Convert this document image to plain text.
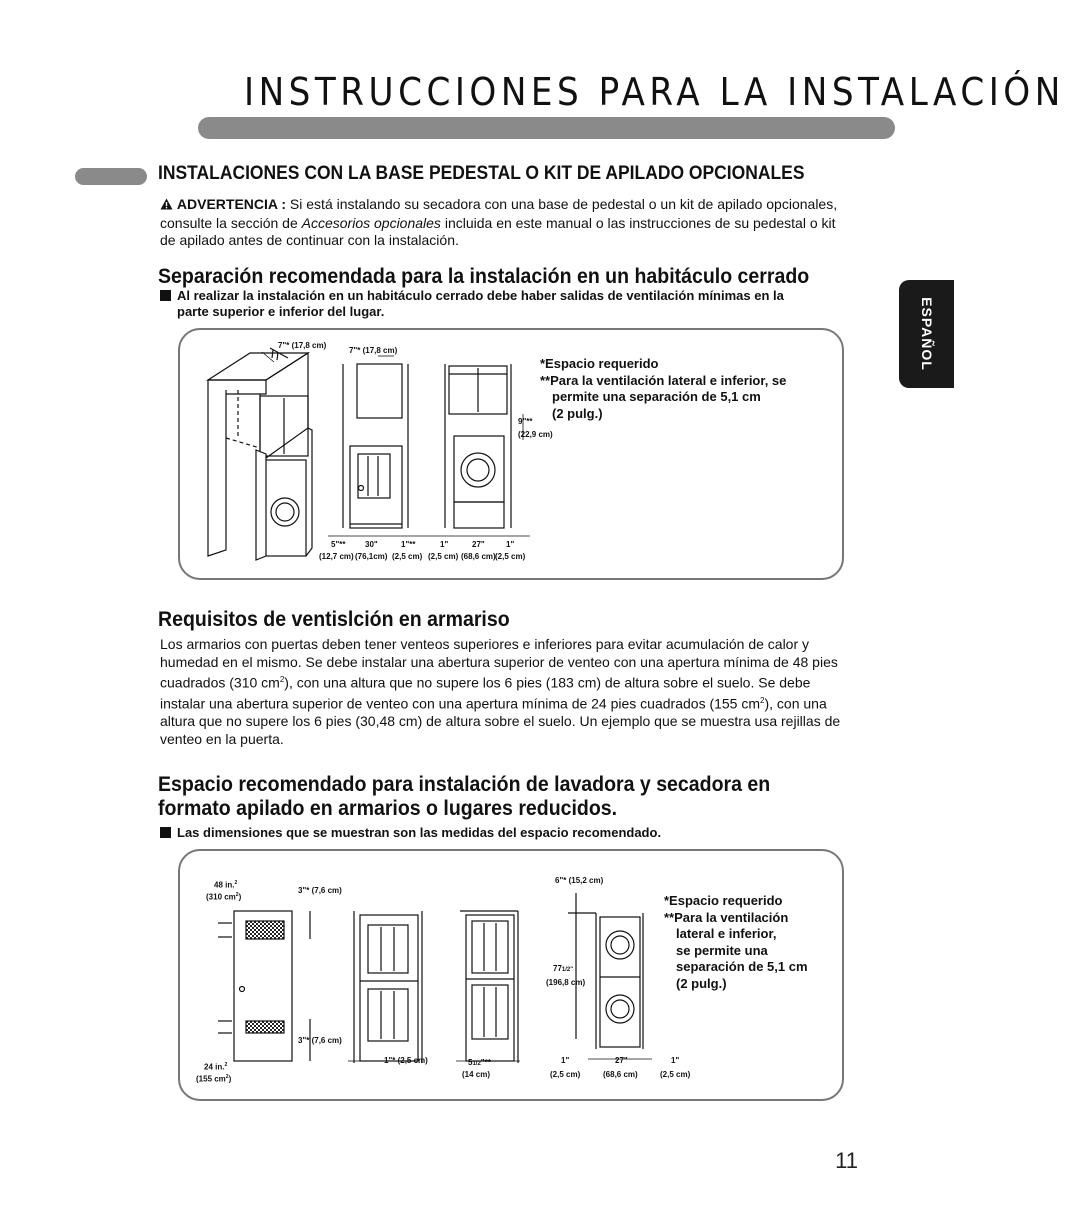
INSTRUCCIONES PARA LA INSTALACIÓN
ESPAÑOL
INSTALACIONES CON LA BASE PEDESTAL O KIT DE APILADO OPCIONALES
ADVERTENCIA : Si está instalando su secadora con una base de pedestal o un kit de apilado opcionales, consulte la sección de Accesorios opcionales incluida en este manual o las instrucciones de su pedestal o kit de apilado antes de continuar con la instalación.
Separación recomendada para la instalación en un habitáculo cerrado
Al realizar la instalación en un habitáculo cerrado debe haber salidas de ventilación mínimas en la parte superior e inferior del lugar.
7"* (17,8 cm)
7"* (17,8 cm)
9"**
(22,9 cm)
5"**
(12,7 cm)
30"
(76,1cm)
1"**
(2,5 cm)
1"
(2,5 cm)
27"
(68,6 cm)
1"
(2,5 cm)
*Espacio requerido
**Para la ventilación lateral e inferior, se
permite una separación de 5,1 cm
(2 pulg.)
Requisitos de ventislción en armariso
Los armarios con puertas deben tener venteos superiores e inferiores para evitar acumulación de calor y humedad en el mismo. Se debe instalar una abertura superior de venteo con una apertura mínima de 48 pies cuadrados (310 $cm^2$), con una altura que no supere los 6 pies (183 cm) de altura sobre el suelo. Se debe instalar una abertura superior de venteo con una apertura mínima de 24 pies cuadrados (155 $cm^2$), con una altura que no supere los 6 pies (30,48 cm) de altura sobre el suelo. Un ejemplo que se muestra usa rejillas de venteo en la puerta.
Espacio recomendado para instalación de lavadora y secadora en
formato apilado en armarios o lugares reducidos.
Las dimensiones que se muestran son las medidas del espacio recomendado.
48 in.$^2$
(310 $cm^2$)
3"* (7,6 cm)
3"* (7,6 cm)
24 in.$^2$
(155 $cm^2$)
1"* (2,5 cm)	51/2"**
(14 cm)
6"* (15,2 cm)
771/2"
(196,8 cm)
1"
(2,5 cm)
27"
(68,6 cm)
1"
(2,5 cm)
*Espacio requerido
**Para la ventilación
lateral e inferior,
se permite una
separación de 5,1 cm
(2 pulg.)
11
